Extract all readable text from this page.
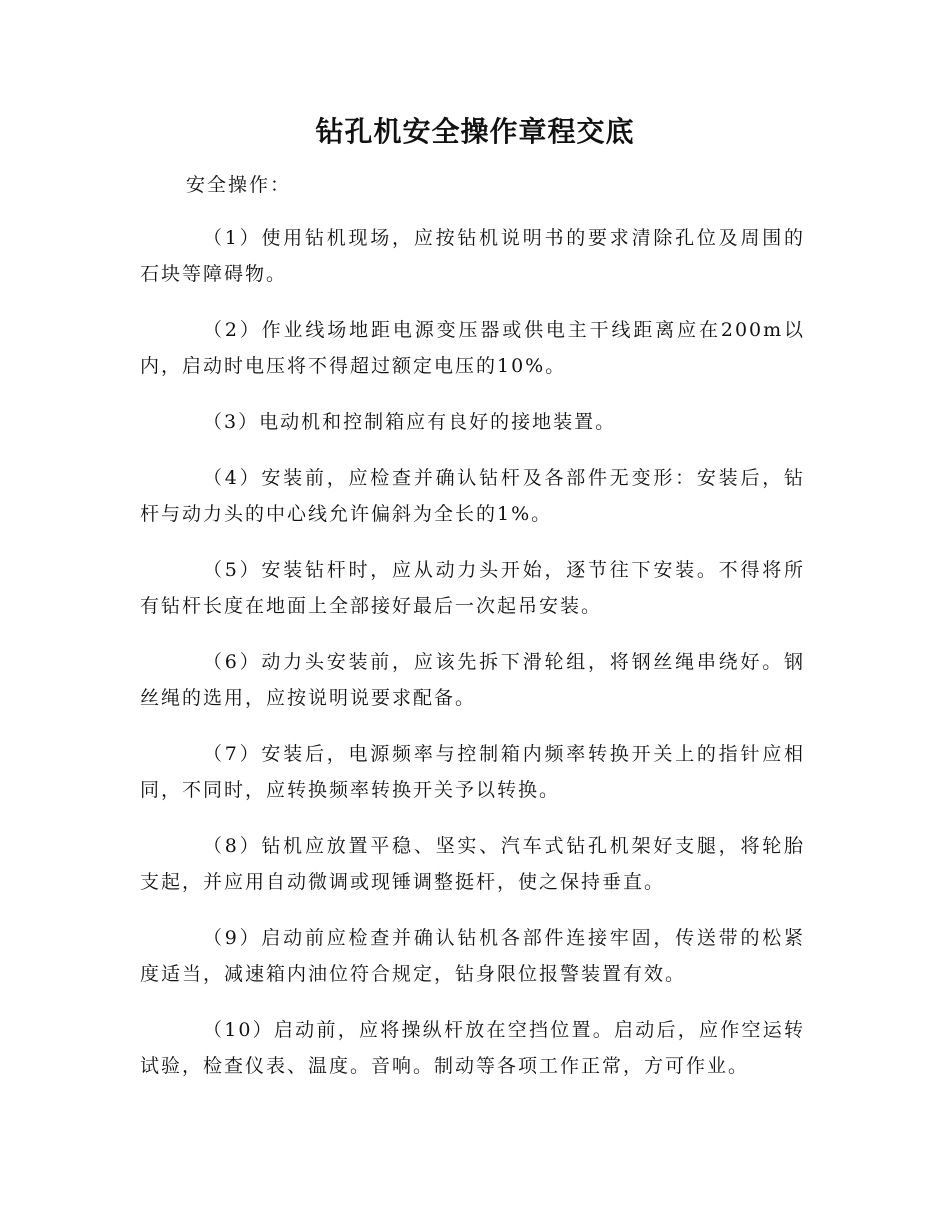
钻孔机安全操作章程交底

安全操作：

（1）使用钻机现场，应按钻机说明书的要求清除孔位及周围的石块等障碍物。
（2）作业线场地距电源变压器或供电主干线距离应在200m以内，启动时电压将不得超过额定电压的10%。
（3）电动机和控制箱应有良好的接地装置。
（4）安装前，应检查并确认钻杆及各部件无变形：安装后，钻杆与动力头的中心线允许偏斜为全长的1%。
（5）安装钻杆时，应从动力头开始，逐节往下安装。不得将所有钻杆长度在地面上全部接好最后一次起吊安装。
（6）动力头安装前，应该先拆下滑轮组，将钢丝绳串绕好。钢丝绳的选用，应按说明说要求配备。
（7）安装后，电源频率与控制箱内频率转换开关上的指针应相同，不同时，应转换频率转换开关予以转换。
（8）钻机应放置平稳、坚实、汽车式钻孔机架好支腿，将轮胎支起，并应用自动微调或现锤调整挺杆，使之保持垂直。
（9）启动前应检查并确认钻机各部件连接牢固，传送带的松紧度适当，减速箱内油位符合规定，钻身限位报警装置有效。
（10）启动前，应将操纵杆放在空挡位置。启动后，应作空运转试验，检查仪表、温度。音响。制动等各项工作正常，方可作业。
